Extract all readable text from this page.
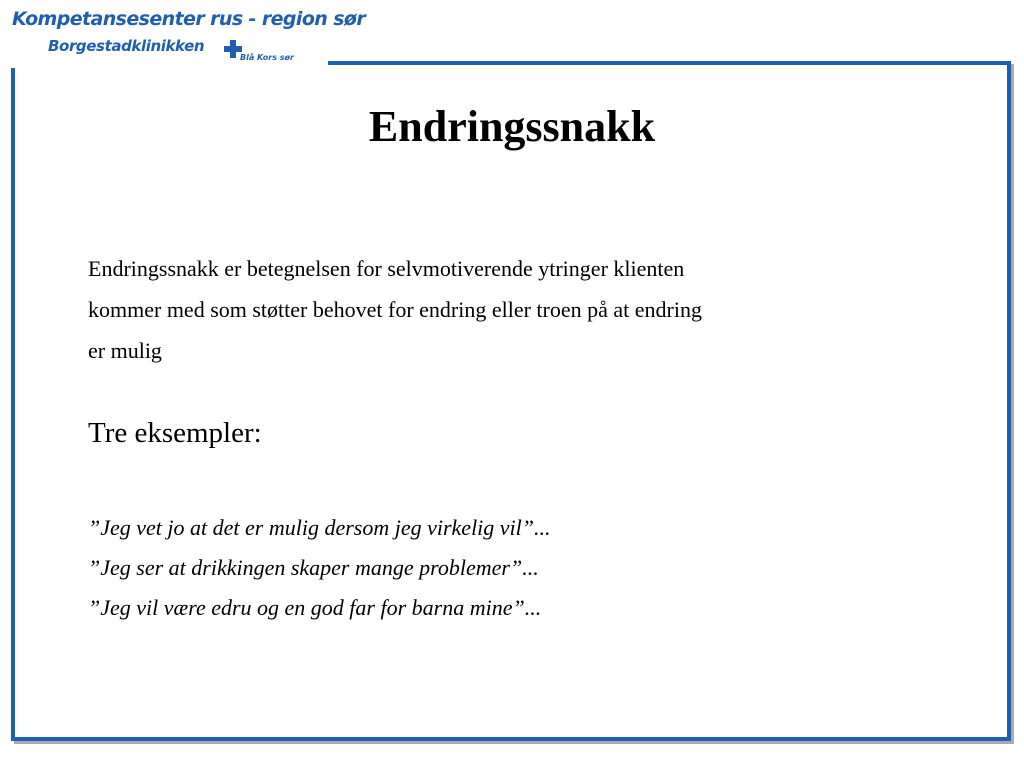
Kompetansesenter rus - region sør
Borgestadklinikken
Blå Kors sør
Endringssnakk
Endringssnakk er betegnelsen for selvmotiverende ytringer klienten
kommer med som støtter behovet for endring eller troen på at endring
er mulig
Tre eksempler:
”Jeg vet jo at det er mulig dersom jeg virkelig vil”...
”Jeg ser at drikkingen skaper mange problemer”...
”Jeg vil være edru og en god far for barna mine”...
